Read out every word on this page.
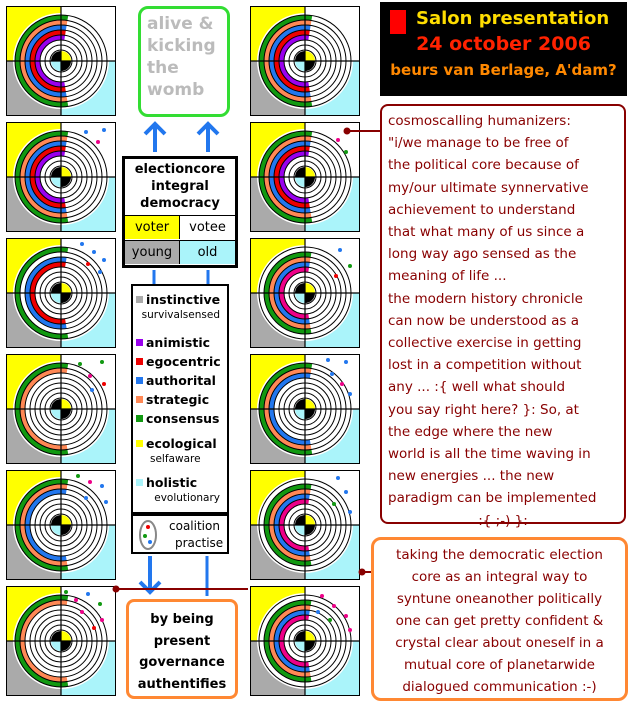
alive &
kicking
the
womb
Salon presentation
24 october 2006
beurs van Berlage, A'dam?
cosmoscalling humanizers:
"i/we manage to be free of
the political core because of
my/our ultimate synnervative
achievement to understand
that what many of us since a
long way ago sensed as the
meaning of life ...
the modern history chronicle
can now be understood as a
collective exercise in getting
lost in a competition without
any ... :{ well what should
you say right here? }: So, at
the edge where the new
world is all the time waving in
new energies ... the new
paradigm can be implemented
:{ ;-) }:
taking the democratic election
core as an integral way to
syntune oneanother politically
one can get pretty confident &
crystal clear about oneself in a
mutual core of planetarwide
dialogued communication :-)
electioncore
integral
democracy
voter	votee
young	old
instinctive
survivalsensed
animistic
egocentric
authorital
strategic
consensus
ecological
selfaware
holistic
evolutionary
coalition
practise
by being
present
governance
authentifies
